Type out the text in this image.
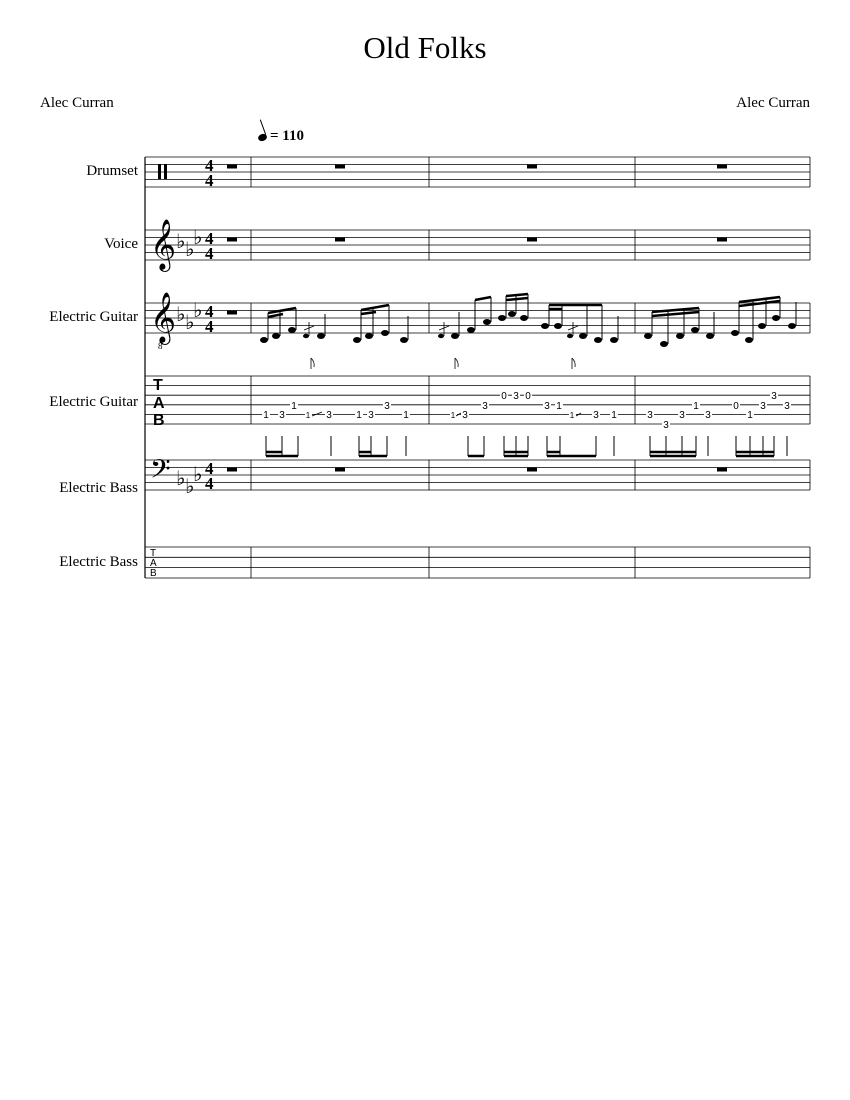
Old Folks
Alec Curran	Alec Curran
= 110
Drumset
Voice
Electric Guitar
Electric Guitar
Electric Bass
Electric Bass
4
4
𝄞 ♭ ♭
♭ 4
4
𝄞
8
♭ ♭
♭ 4
4
T
A
B	1 3
1
1 3 1 3
3
1	1 3
3
0 3 0
3 1
1 3 1	3
3
3
1
3
0
1
3
3
3
𝄢 ♭ ♭
♭ 4
4
T
A
B
